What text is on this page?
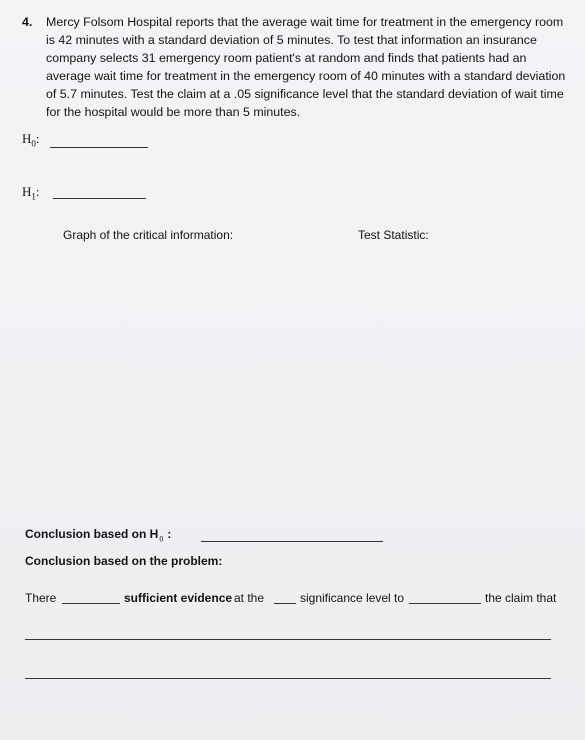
4. Mercy Folsom Hospital reports that the average wait time for treatment in the emergency room is 42 minutes with a standard deviation of 5 minutes. To test that information an insurance company selects 31 emergency room patient's at random and finds that patients had an average wait time for treatment in the emergency room of 40 minutes with a standard deviation of 5.7 minutes. Test the claim at a .05 significance level that the standard deviation of wait time for the hospital would be more than 5 minutes.
$H_0$:
$H_1$:
Graph of the critical information:	Test Statistic:
Conclusion based on H $_0$ :
Conclusion based on the problem:
There	sufficient evidence at the	significance level to	the claim that
